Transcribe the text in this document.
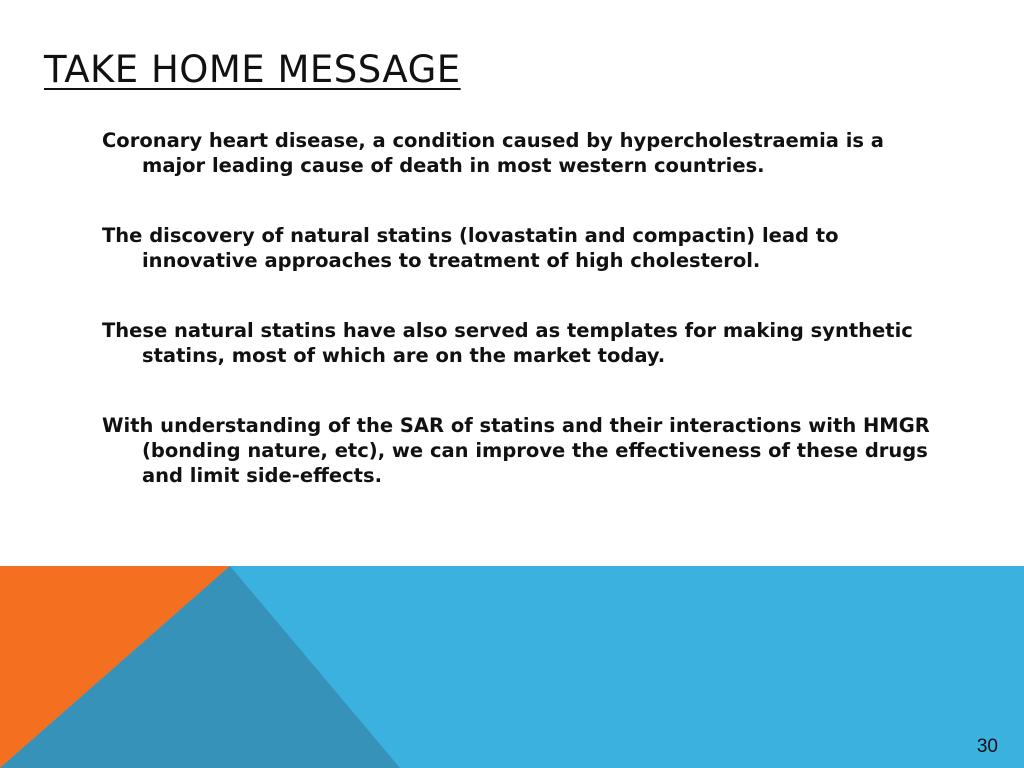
TAKE HOME MESSAGE

Coronary heart disease, a condition caused by hypercholestraemia is a major leading cause of death in most western countries.

The discovery of natural statins (lovastatin and compactin) lead to innovative approaches to treatment of high cholesterol.

These natural statins have also served as templates for making synthetic statins, most of which are on the market today.

With understanding of the SAR of statins and their interactions with HMGR (bonding nature, etc), we can improve the effectiveness of these drugs and limit side-effects.

30
